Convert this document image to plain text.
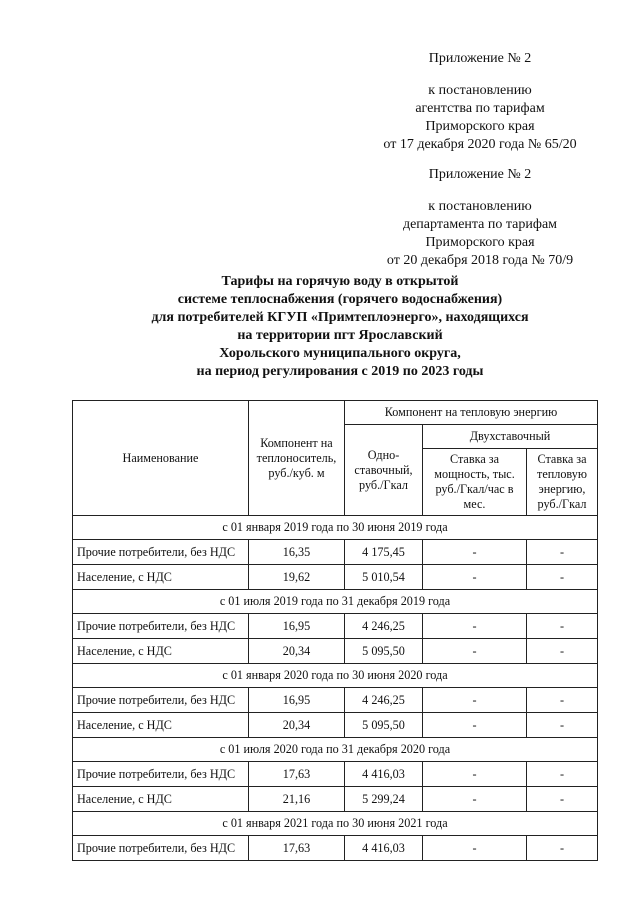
Приложение № 2
к постановлению
агентства по тарифам
Приморского края
от 17 декабря 2020 года № 65/20
Приложение № 2
к постановлению
департамента по тарифам
Приморского края
от 20 декабря 2018 года № 70/9
Тарифы на горячую воду в открытой
системе теплоснабжения (горячего водоснабжения)
для потребителей КГУП «Примтеплоэнерго», находящихся
на территории пгт Ярославский
Хорольского муниципального округа,
на период регулирования с 2019 по 2023 годы
Наименование	Компонент на теплоноситель, руб./куб. м	Компонент на тепловую энергию		
		Одно-ставочный, руб./Гкал	Двухставочный	
			Ставка за мощность, тыс. руб./Гкал/час в мес.	Ставка за тепловую энергию, руб./Гкал
с 01 января 2019 года по 30 июня 2019 года				
Прочие потребители, без НДС	16,35	4 175,45	-	-
Население, с НДС	19,62	5 010,54	-	-
с 01 июля 2019 года по 31 декабря 2019 года				
Прочие потребители, без НДС	16,95	4 246,25	-	-
Население, с НДС	20,34	5 095,50	-	-
с 01 января 2020 года по 30 июня 2020 года				
Прочие потребители, без НДС	16,95	4 246,25	-	-
Население, с НДС	20,34	5 095,50	-	-
с 01 июля 2020 года по 31 декабря 2020 года				
Прочие потребители, без НДС	17,63	4 416,03	-	-
Население, с НДС	21,16	5 299,24	-	-
с 01 января 2021 года по 30 июня 2021 года				
Прочие потребители, без НДС	17,63	4 416,03	-	-
